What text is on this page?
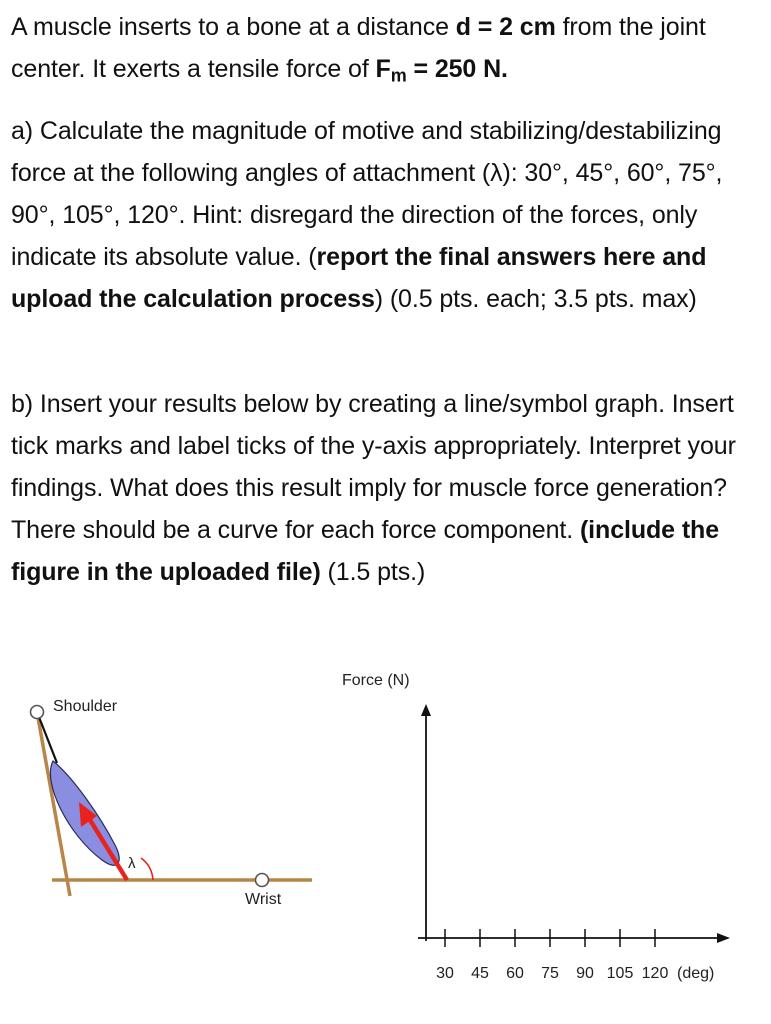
A muscle inserts to a bone at a distance d = 2 cm from the joint center. It exerts a tensile force of $F_m = 250$ N.
a) Calculate the magnitude of motive and stabilizing/destabilizing force at the following angles of attachment (λ): 30°, 45°, 60°, 75°, 90°, 105°, 120°. Hint: disregard the direction of the forces, only indicate its absolute value. (report the final answers here and upload the calculation process) (0.5 pts. each; 3.5 pts. max)
b) Insert your results below by creating a line/symbol graph. Insert tick marks and label ticks of the y-axis appropriately. Interpret your findings. What does this result imply for muscle force generation? There should be a curve for each force component. (include the figure in the uploaded file) (1.5 pts.)
λ
Shoulder
Wrist
Force (N)
30 45 60 75 90 105 120 (deg)
